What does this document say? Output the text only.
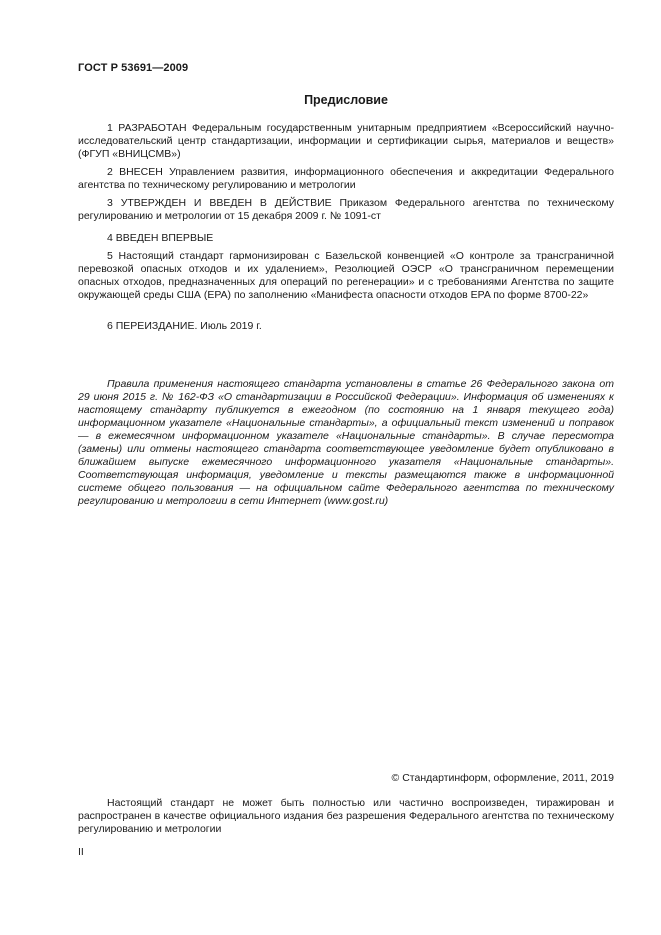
ГОСТ Р 53691—2009
Предисловие

1 РАЗРАБОТАН Федеральным государственным унитарным предприятием «Всероссийский научно-исследовательский центр стандартизации, информации и сертификации сырья, материалов и веществ» (ФГУП «ВНИЦСМВ»)

2 ВНЕСЕН Управлением развития, информационного обеспечения и аккредитации Федерального агентства по техническому регулированию и метрологии

3 УТВЕРЖДЕН И ВВЕДЕН В ДЕЙСТВИЕ Приказом Федерального агентства по техническому регулированию и метрологии от 15 декабря 2009 г. № 1091-ст

4 ВВЕДЕН ВПЕРВЫЕ

5 Настоящий стандарт гармонизирован с Базельской конвенцией «О контроле за трансграничной перевозкой опасных отходов и их удалением», Резолюцией ОЭСР «О трансграничном перемещении опасных отходов, предназначенных для операций по регенерации» и с требованиями Агентства по защите окружающей среды США (EPA) по заполнению «Манифеста опасности отходов EPA по форме 8700-22»

6 ПЕРЕИЗДАНИЕ. Июль 2019 г.

Правила применения настоящего стандарта установлены в статье 26 Федерального закона от 29 июня 2015 г. № 162-ФЗ «О стандартизации в Российской Федерации». Информация об изменениях к настоящему стандарту публикуется в ежегодном (по состоянию на 1 января текущего года) информационном указателе «Национальные стандарты», а официальный текст изменений и поправок — в ежемесячном информационном указателе «Национальные стандарты». В случае пересмотра (замены) или отмены настоящего стандарта соответствующее уведомление будет опубликовано в ближайшем выпуске ежемесячного информационного указателя «Национальные стандарты». Соответствующая информация, уведомление и тексты размещаются также в информационной системе общего пользования — на официальном сайте Федерального агентства по техническому регулированию и метрологии в сети Интернет (www.gost.ru)

© Стандартинформ, оформление, 2011, 2019

Настоящий стандарт не может быть полностью или частично воспроизведен, тиражирован и распространен в качестве официального издания без разрешения Федерального агентства по техническому регулированию и метрологии

II
